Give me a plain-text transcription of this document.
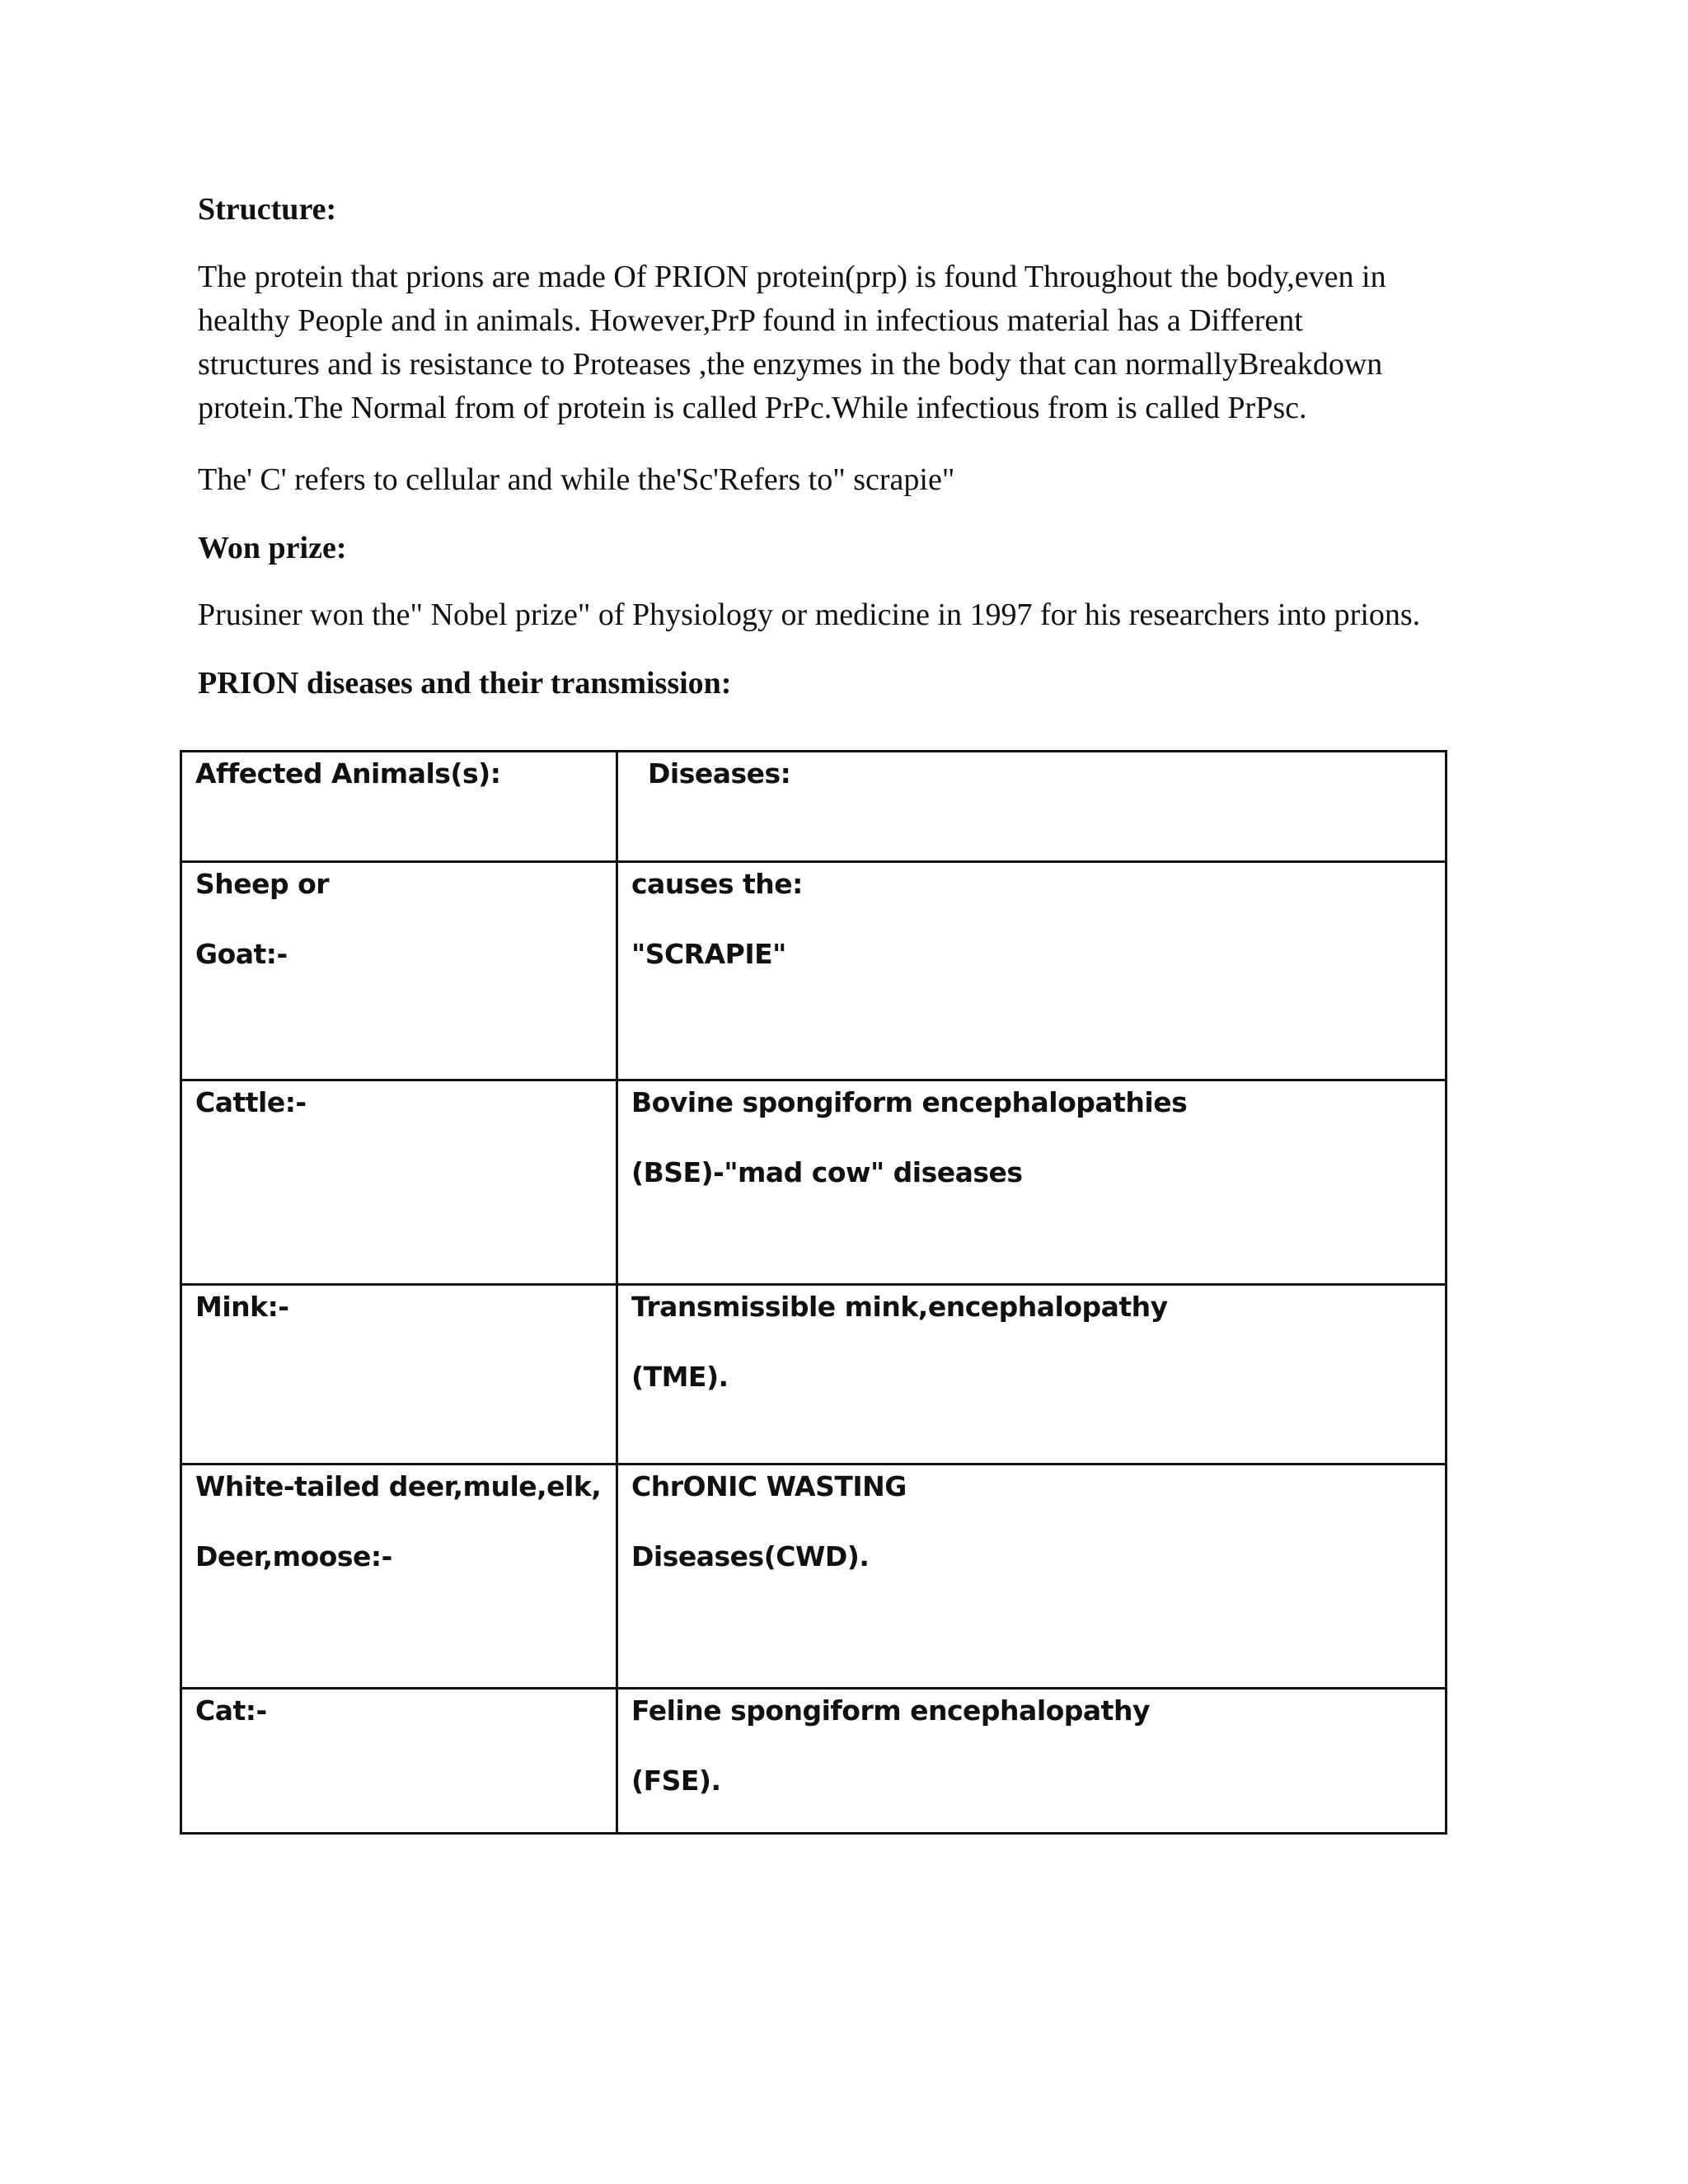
Structure:
The protein that prions are made Of PRION protein(prp) is found Throughout the body,even in
healthy People and in animals. However,PrP found in infectious material has a Different
structures and is resistance to Proteases ,the enzymes in the body that can normallyBreakdown
protein.The Normal from of protein is called PrPc.While infectious from is called PrPsc.
The' C' refers to cellular and while the'Sc'Refers to" scrapie"
Won prize:
Prusiner won the" Nobel prize" of Physiology or medicine in 1997 for his researchers into prions.
PRION diseases and their transmission:
Affected Animals(s):	Diseases:

Sheep or
Goat:-	causes the:
"SCRAPIE"

Cattle:-	Bovine spongiform encephalopathies
(BSE)-"mad cow" diseases

Mink:-	Transmissible mink,encephalopathy
(TME).

White-tailed deer,mule,elk,
Deer,moose:-	ChrONIC WASTING
Diseases(CWD).

Cat:-	Feline spongiform encephalopathy
(FSE).
